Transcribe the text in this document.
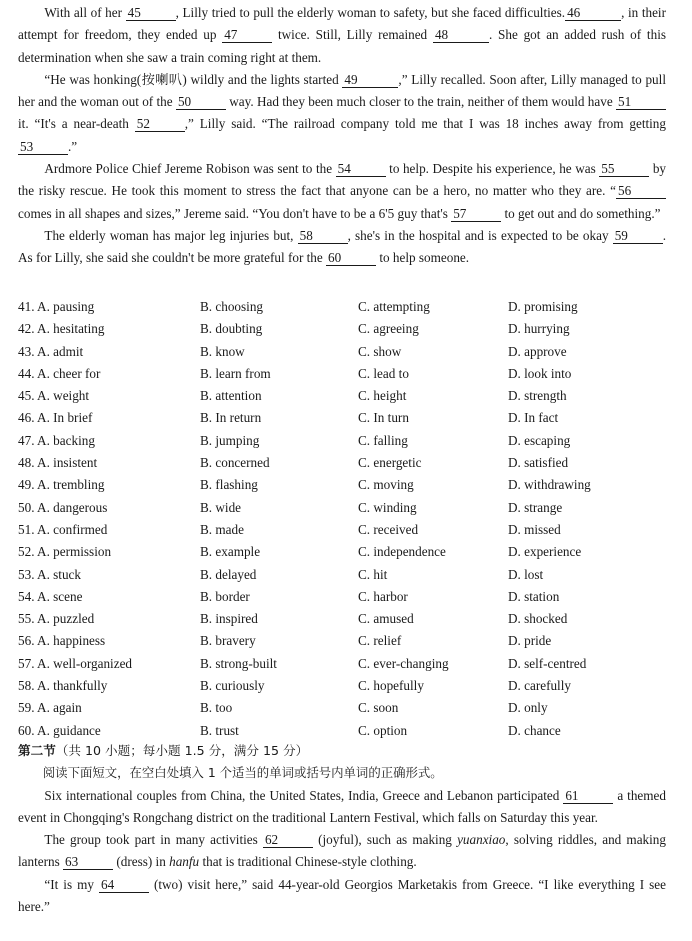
With all of her 45	, Lilly tried to pull the elderly woman to safety, but she faced difficulties. 46	, in their attempt for freedom, they ended up 47	twice. Still, Lilly remained 48	. She got an added rush of this determination when she saw a train coming right at them.
“He was honking(按喇叭) wildly and the lights started 49	,” Lilly recalled. Soon after, Lilly managed to pull her and the woman out of the 50	way. Had they been much closer to the train, neither of them would have 51 it. “It's a near-death 52	,” Lilly said. “The railroad company told me that I was 18 inches away from getting 53	.”
Ardmore Police Chief Jereme Robison was sent to the 54	to help. Despite his experience, he was 55	by the risky rescue. He took this moment to stress the fact that anyone can be a hero, no matter who they are. “ 56 comes in all shapes and sizes,” Jereme said. “You don't have to be a 6'5 guy that's 57	to get out and do something.”
The elderly woman has major leg injuries but, 58	, she's in the hospital and is expected to be okay 59	. As for Lilly, she said she couldn't be more grateful for the 60	to help someone.
41. A. pausing	B. choosing	C. attempting	D. promising
42. A. hesitating	B. doubting	C. agreeing	D. hurrying
43. A. admit	B. know	C. show	D. approve
44. A. cheer for	B. learn from	C. lead to	D. look into
45. A. weight	B. attention	C. height	D. strength
46. A. In brief	B. In return	C. In turn	D. In fact
47. A. backing	B. jumping	C. falling	D. escaping
48. A. insistent	B. concerned	C. energetic	D. satisfied
49. A. trembling	B. flashing	C. moving	D. withdrawing
50. A. dangerous	B. wide	C. winding	D. strange
51. A. confirmed	B. made	C. received	D. missed
52. A. permission	B. example	C. independence	D. experience
53. A. stuck	B. delayed	C. hit	D. lost
54. A. scene	B. border	C. harbor	D. station
55. A. puzzled	B. inspired	C. amused	D. shocked
56. A. happiness	B. bravery	C. relief	D. pride
57. A. well-organized	B. strong-built	C. ever-changing	D. self-centred
58. A. thankfully	B. curiously	C. hopefully	D. carefully
59. A. again	B. too	C. soon	D. only
60. A. guidance	B. trust	C. option	D. chance
第二节（共 10 小题；每小题 1.5 分，满分 15 分）
阅读下面短文，在空白处填入 1 个适当的单词或括号内单词的正确形式。
Six international couples from China, the United States, India, Greece and Lebanon participated 61	a themed event in Chongqing's Rongchang district on the traditional Lantern Festival, which falls on Saturday this year.
The group took part in many activities 62	(joyful), such as making yuanxiao, solving riddles, and making lanterns 63	(dress) in hanfu that is traditional Chinese-style clothing.
“It is my 64	(two) visit here,” said 44-year-old Georgios Marketakis from Greece. “I like everything I see here.”
